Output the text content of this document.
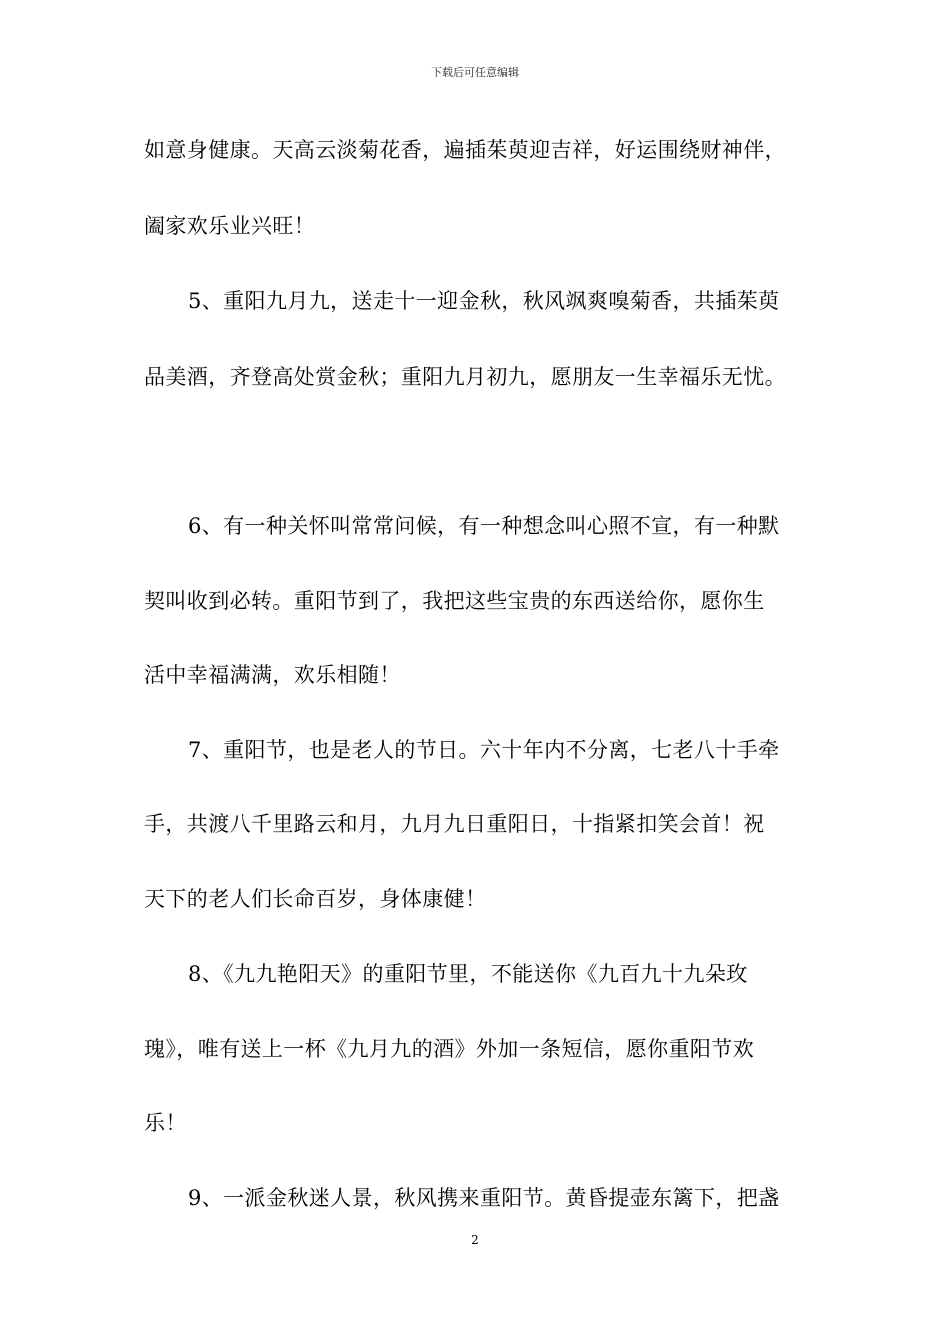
下载后可任意编辑
如意身健康。天高云淡菊花香，遍插茱萸迎吉祥，好运围绕财神伴，
阖家欢乐业兴旺！
5、重阳九月九，送走十一迎金秋，秋风飒爽嗅菊香，共插茱萸
品美酒，齐登高处赏金秋；重阳九月初九，愿朋友一生幸福乐无忧。
6、有一种关怀叫常常问候，有一种想念叫心照不宣，有一种默
契叫收到必转。重阳节到了，我把这些宝贵的东西送给你，愿你生
活中幸福满满，欢乐相随！
7、重阳节，也是老人的节日。六十年内不分离，七老八十手牵
手，共渡八千里路云和月，九月九日重阳日，十指紧扣笑会首！祝
天下的老人们长命百岁，身体康健！
8、《九九艳阳天》的重阳节里，不能送你《九百九十九朵玫
瑰》，唯有送上一杯《九月九的酒》外加一条短信，愿你重阳节欢
乐！
9、一派金秋迷人景，秋风携来重阳节。黄昏提壶东篱下，把盏
2
